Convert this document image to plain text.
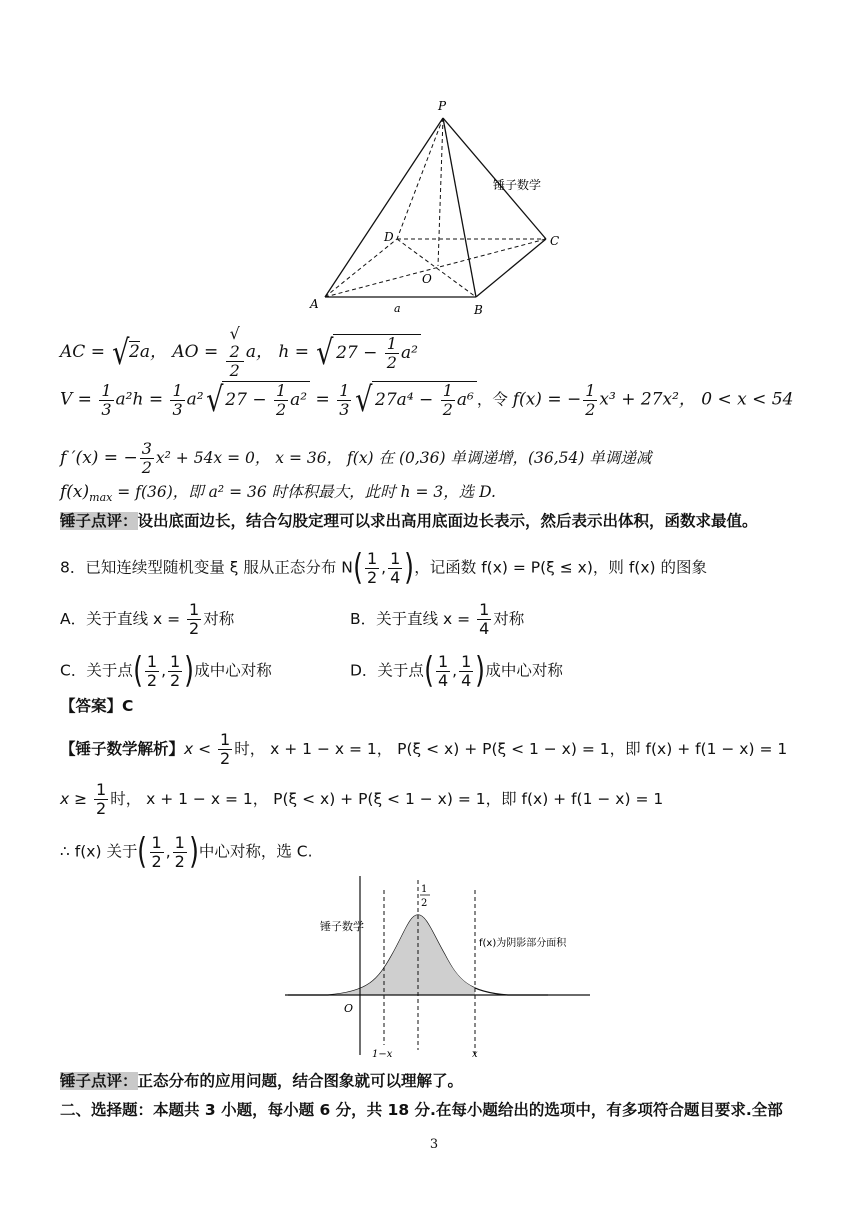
P
A	B
C
D
O
a
锤子数学
AC = √2a， AO = √
2
2 a， h = √ $27 - \frac{1}{2} a^2$
$V = \frac{1}{3} a^2h = \frac{1}{3} a^2√$ $27 - \frac{1}{2} a^2 = \frac{1}{3}$ √ $27a^4 - \frac{1}{2} a^6$ ，令 f(x) = − $\frac{1}{2} x^3 + 27x^2$， 0 < x < 54
f ′(x) = − $\frac{3}{2} x^2 + 54x = 0$， x = 36， f(x) 在 (0,36) 单调递增，(36,54) 单调递减
$f(x)_{max} = f(36)$，即 a² = 36 时体积最大，此时 h = 3，选 D.
锤子点评：设出底面边长，结合勾股定理可以求出高用底面边长表示，然后表示出体积，函数求最值。
8．已知连续型随机变量 ξ 服从正态分布 $N( \frac{1}{2}$ , $\frac{1}{4}$ )，记函数 f(x) = P(ξ ≤ x)，则 f(x) 的图象
A．关于直线 $x = \frac{1}{2}$ 对称	B．关于直线 $x = \frac{1}{4}$ 对称
C．关于点( $\frac{1}{2}$ , $\frac{1}{2}$ )成中心对称	D．关于点( $\frac{1}{4}$ , $\frac{1}{4}$ )成中心对称
【答案】C
【锤子数学解析】$x < \frac{1}{2}$ 时， x + 1 − x = 1， P(ξ < x) + P(ξ < 1 − x) = 1，即 f(x) + f(1 − x) = 1
$x \ge \frac{1}{2}$ 时， x + 1 − x = 1， P(ξ < x) + P(ξ < 1 − x) = 1，即 f(x) + f(1 − x) = 1
∴ f(x) 关于( $\frac{1}{2}$ , $\frac{1}{2}$ )中心对称，选 C.
1
2
锤子数学
f(x)为阴影部分面积
O
1−x	x
锤子点评：正态分布的应用问题，结合图象就可以理解了。
二、选择题：本题共 3 小题，每小题 6 分，共 18 分.在每小题给出的选项中，有多项符合题目要求.全部
3
